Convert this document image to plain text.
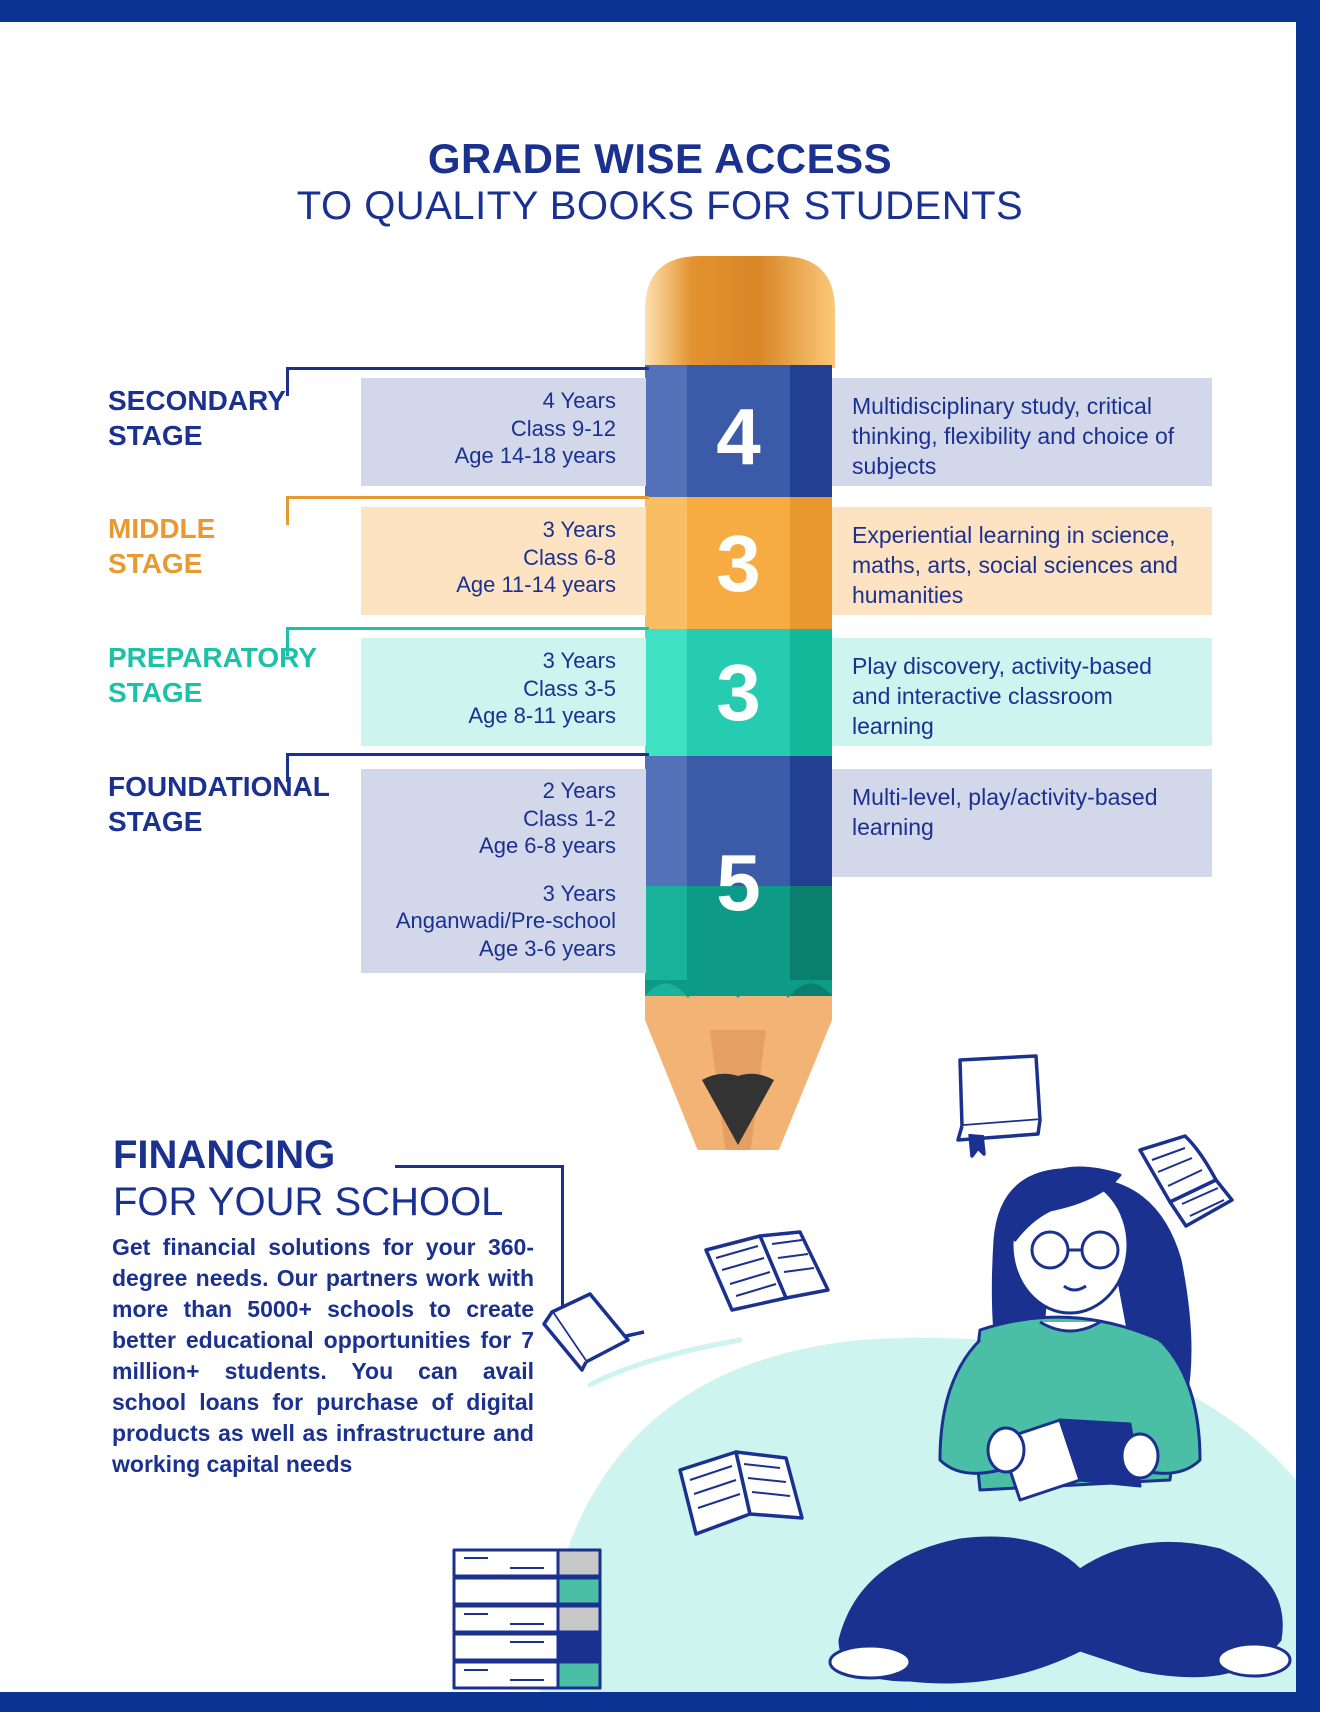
GRADE WISE ACCESS
TO QUALITY BOOKS FOR STUDENTS
4
3
3
5
SECONDARY
STAGE
4 Years
Class 9-12
Age 14-18 years
Multidisciplinary study, critical thinking, flexibility and choice of subjects
MIDDLE
STAGE
3 Years
Class 6-8
Age 11-14 years
Experiential learning in science, maths, arts, social sciences and humanities
PREPARATORY
STAGE
3 Years
Class 3-5
Age 8-11 years
Play discovery, activity-based and interactive classroom learning
FOUNDATIONAL
STAGE
2 Years
Class 1-2
Age 6-8 years
3 Years
Anganwadi/Pre-school
Age 3-6 years
Multi-level, play/activity-based learning
FINANCING
FOR YOUR SCHOOL
Get financial solutions for your 360-degree needs. Our partners work with more than 5000+ schools to create better educational opportunities for 7 million+ students. You can avail school loans for purchase of digital products as well as infrastructure and working capital needs
